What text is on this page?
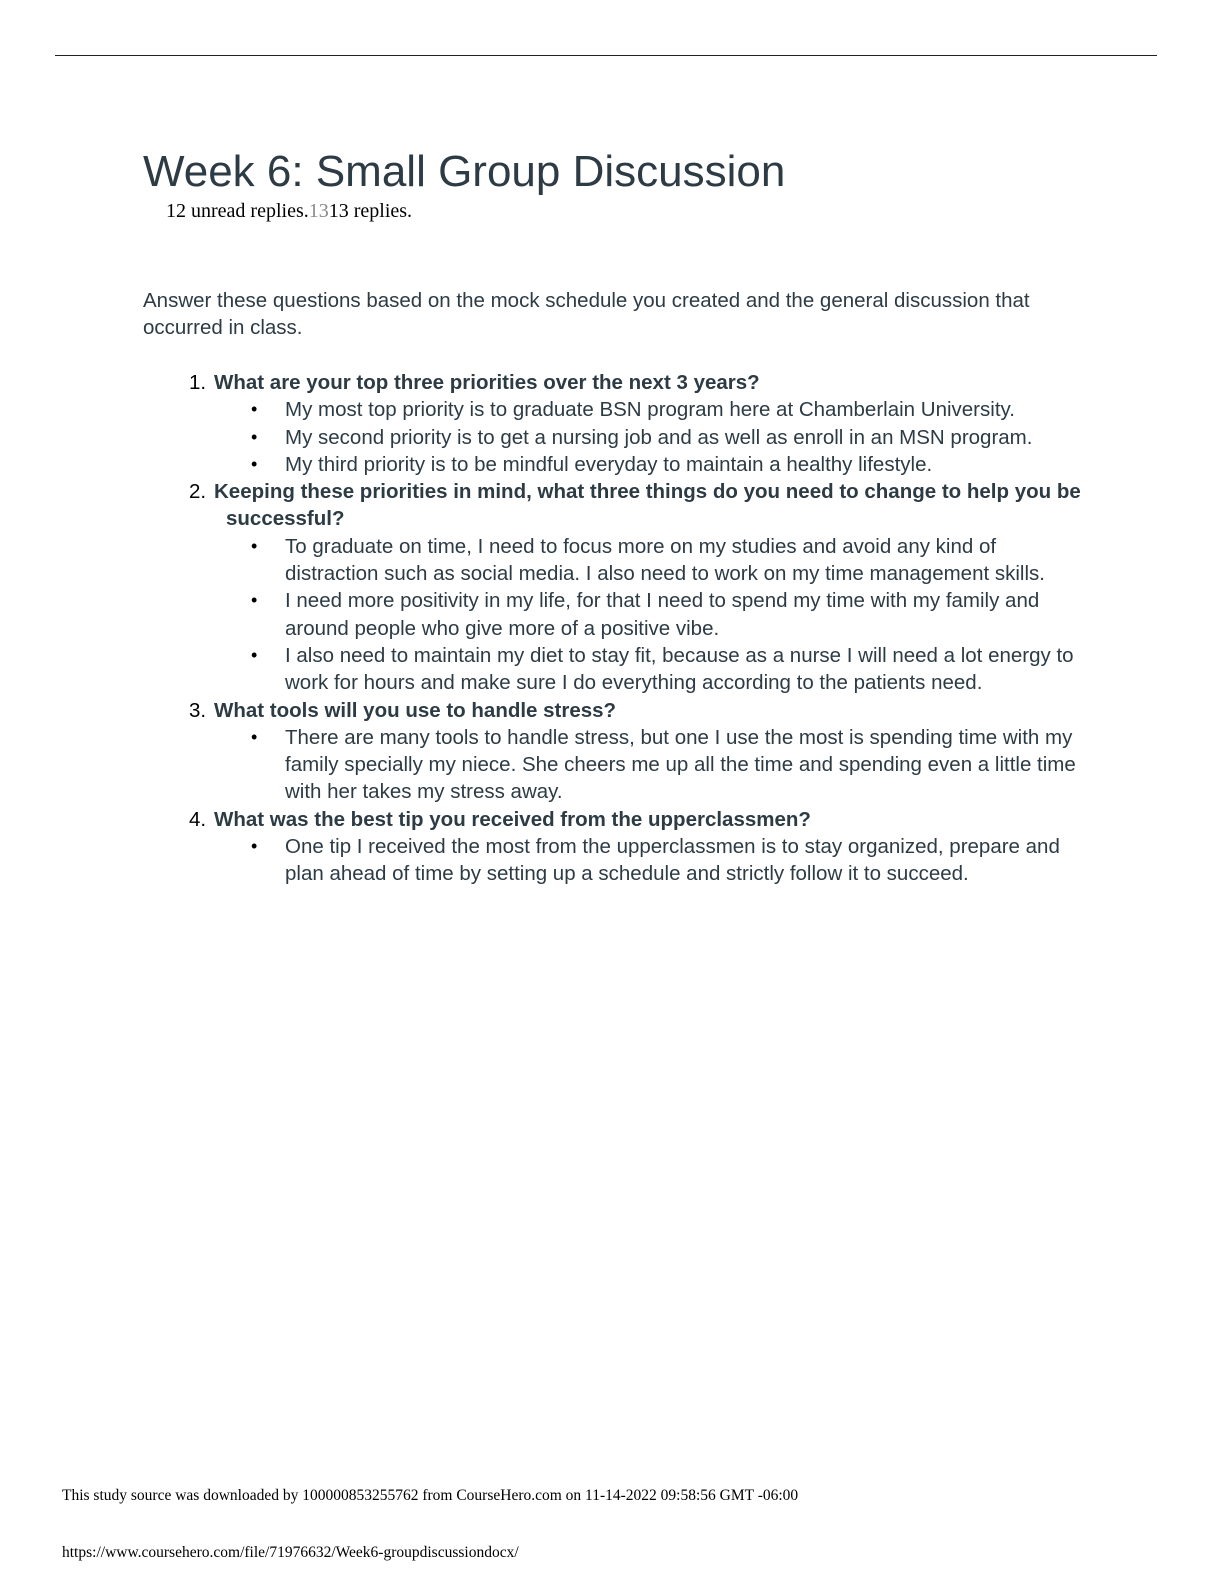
Week 6: Small Group Discussion
12 unread replies.1313 replies.

Answer these questions based on the mock schedule you created and the general discussion that occurred in class.

1. What are your top three priorities over the next 3 years?
• My most top priority is to graduate BSN program here at Chamberlain University.
• My second priority is to get a nursing job and as well as enroll in an MSN program.
• My third priority is to be mindful everyday to maintain a healthy lifestyle.
2. Keeping these priorities in mind, what three things do you need to change to help you be successful?
• To graduate on time, I need to focus more on my studies and avoid any kind of distraction such as social media. I also need to work on my time management skills.
• I need more positivity in my life, for that I need to spend my time with my family and around people who give more of a positive vibe.
• I also need to maintain my diet to stay fit, because as a nurse I will need a lot energy to work for hours and make sure I do everything according to the patients need.
3. What tools will you use to handle stress?
• There are many tools to handle stress, but one I use the most is spending time with my family specially my niece. She cheers me up all the time and spending even a little time with her takes my stress away.
4. What was the best tip you received from the upperclassmen?
• One tip I received the most from the upperclassmen is to stay organized, prepare and plan ahead of time by setting up a schedule and strictly follow it to succeed.
This study source was downloaded by 100000853255762 from CourseHero.com on 11-14-2022 09:58:56 GMT -06:00
https://www.coursehero.com/file/71976632/Week6-groupdiscussiondocx/
